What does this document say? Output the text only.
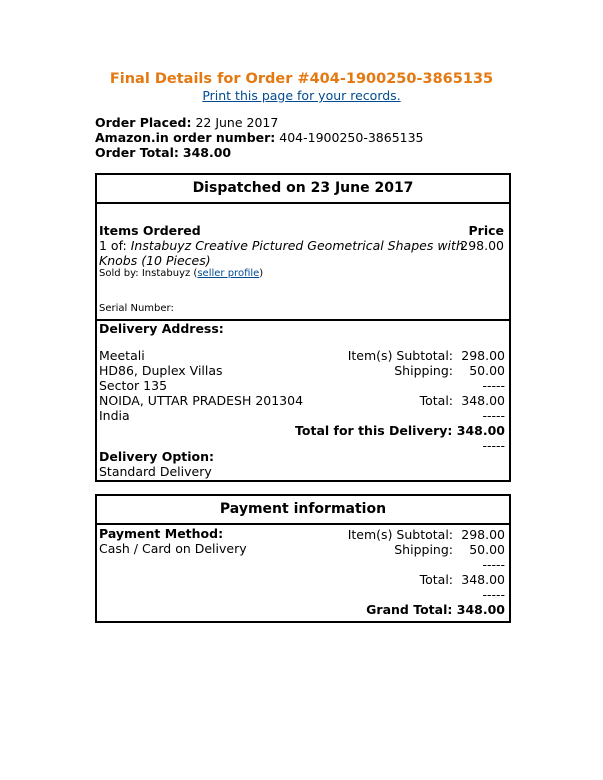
Final Details for Order #404-1900250-3865135
Print this page for your records.
Order Placed: 22 June 2017
Amazon.in order number: 404-1900250-3865135
Order Total: 348.00
Dispatched on 23 June 2017
Items Ordered	Price
1 of: Instabuyz Creative Pictured Geometrical Shapes with
298.00
Knobs (10 Pieces)
Sold by: Instabuyz (seller profile)
Serial Number:
Delivery Address:
Meetali
HD86, Duplex Villas
Sector 135
NOIDA, UTTAR PRADESH 201304
India
Item(s) Subtotal: 298.00
Shipping: 50.00
-----
Total: 348.00
-----
Total for this Delivery: 348.00
-----
Delivery Option:
Standard Delivery
Payment information
Payment Method:
Cash / Card on Delivery
Item(s) Subtotal: 298.00
Shipping: 50.00
-----
Total: 348.00
-----
Grand Total: 348.00
